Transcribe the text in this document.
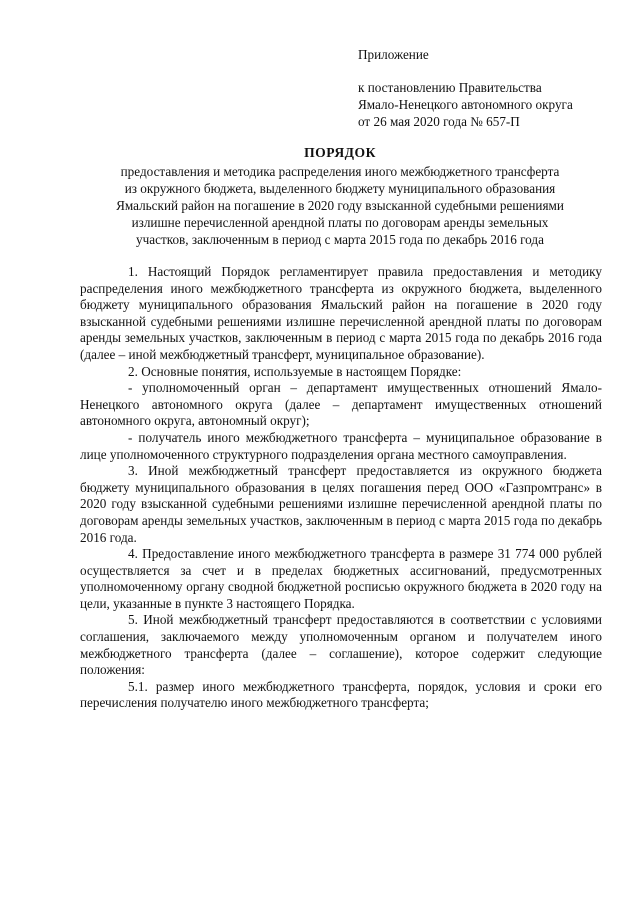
Приложение
к постановлению Правительства
Ямало-Ненецкого автономного округа
от 26 мая 2020 года № 657-П
ПОРЯДОК
предоставления и методика распределения иного межбюджетного трансферта
из окружного бюджета, выделенного бюджету муниципального образования
Ямальский район на погашение в 2020 году взысканной судебными решениями
излишне перечисленной арендной платы по договорам аренды земельных
участков, заключенным в период с марта 2015 года по декабрь 2016 года

1. Настоящий Порядок регламентирует правила предоставления и методику распределения иного межбюджетного трансферта из окружного бюджета, выделенного бюджету муниципального образования Ямальский район на погашение в 2020 году взысканной судебными решениями излишне перечисленной арендной платы по договорам аренды земельных участков, заключенным в период с марта 2015 года по декабрь 2016 года (далее – иной межбюджетный трансферт, муниципальное образование).

2. Основные понятия, используемые в настоящем Порядке:

- уполномоченный орган – департамент имущественных отношений Ямало-Ненецкого автономного округа (далее – департамент имущественных отношений автономного округа, автономный округ);

- получатель иного межбюджетного трансферта – муниципальное образование в лице уполномоченного структурного подразделения органа местного самоуправления.

3. Иной межбюджетный трансферт предоставляется из окружного бюджета бюджету муниципального образования в целях погашения перед ООО «Газпромтранс» в 2020 году взысканной судебными решениями излишне перечисленной арендной платы по договорам аренды земельных участков, заключенным в период с марта 2015 года по декабрь 2016 года.

4. Предоставление иного межбюджетного трансферта в размере 31 774 000 рублей осуществляется за счет и в пределах бюджетных ассигнований, предусмотренных уполномоченному органу сводной бюджетной росписью окружного бюджета в 2020 году на цели, указанные в пункте 3 настоящего Порядка.

5. Иной межбюджетный трансферт предоставляются в соответствии с условиями соглашения, заключаемого между уполномоченным органом и получателем иного межбюджетного трансферта (далее – соглашение), которое содержит следующие положения:

5.1. размер иного межбюджетного трансферта, порядок, условия и сроки его перечисления получателю иного межбюджетного трансферта;
